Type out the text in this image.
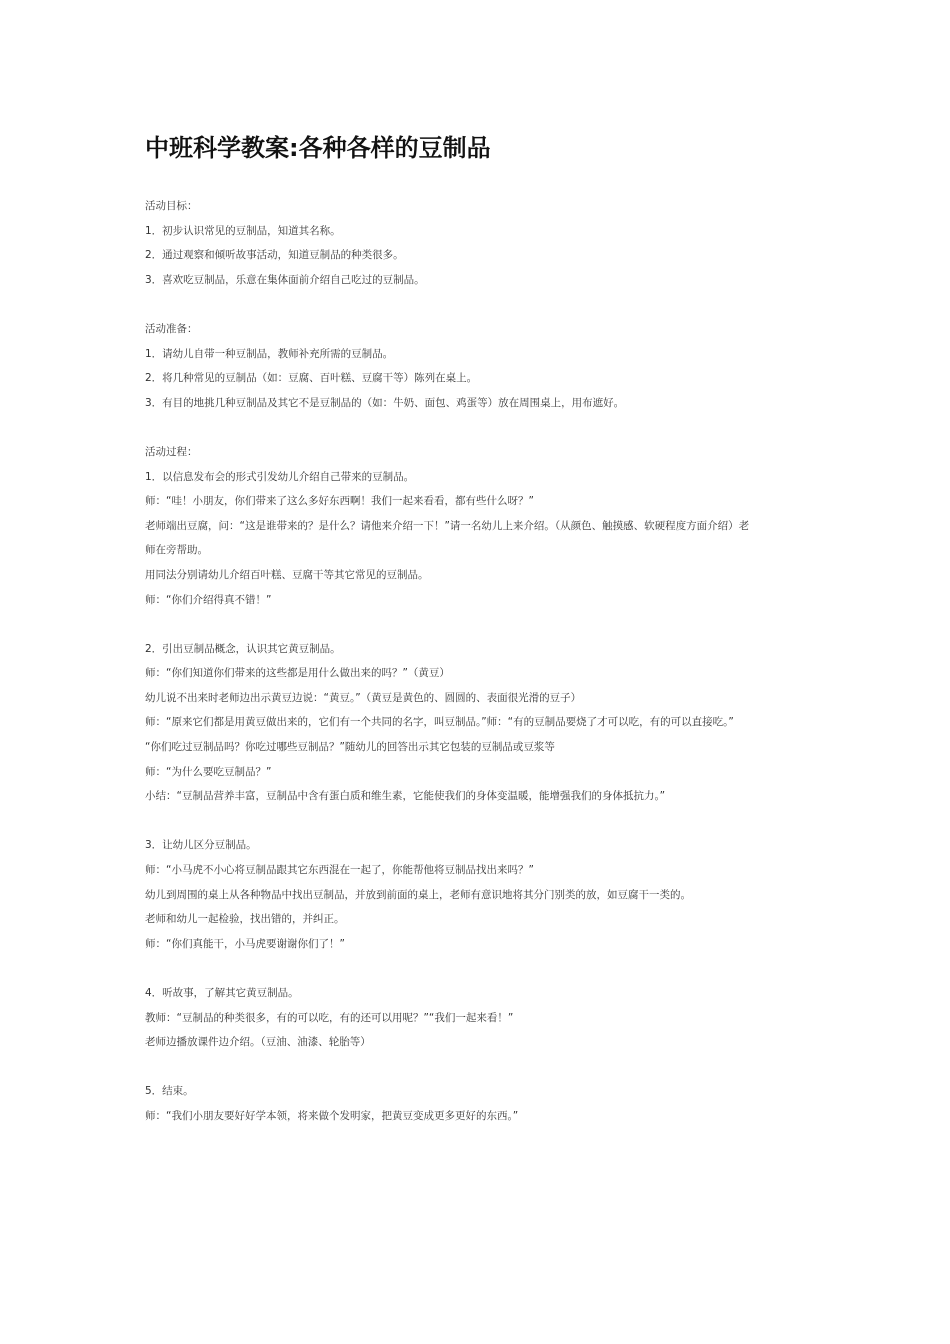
中班科学教案:各种各样的豆制品
活动目标：
1．初步认识常见的豆制品，知道其名称。
2．通过观察和倾听故事活动，知道豆制品的种类很多。
3．喜欢吃豆制品，乐意在集体面前介绍自己吃过的豆制品。
活动准备：
1．请幼儿自带一种豆制品，教师补充所需的豆制品。
2．将几种常见的豆制品（如：豆腐、百叶糕、豆腐干等）陈列在桌上。
3．有目的地挑几种豆制品及其它不是豆制品的（如：牛奶、面包、鸡蛋等）放在周围桌上，用布遮好。
活动过程：
1．以信息发布会的形式引发幼儿介绍自己带来的豆制品。
师：“哇！小朋友，你们带来了这么多好东西啊！我们一起来看看，都有些什么呀？”
老师端出豆腐，问：“这是谁带来的？是什么？请他来介绍一下！”请一名幼儿上来介绍。（从颜色、触摸感、软硬程度方面介绍）老
师在旁帮助。
用同法分别请幼儿介绍百叶糕、豆腐干等其它常见的豆制品。
师：“你们介绍得真不错！”
2．引出豆制品概念，认识其它黄豆制品。
师：“你们知道你们带来的这些都是用什么做出来的吗？”（黄豆）
幼儿说不出来时老师边出示黄豆边说：“黄豆。”（黄豆是黄色的、圆圆的、表面很光滑的豆子）
师：“原来它们都是用黄豆做出来的，它们有一个共同的名字，叫豆制品。”师：“有的豆制品要烧了才可以吃，有的可以直接吃。”
“你们吃过豆制品吗？你吃过哪些豆制品？”随幼儿的回答出示其它包装的豆制品或豆浆等
师：“为什么要吃豆制品？”
小结：“豆制品营养丰富，豆制品中含有蛋白质和维生素，它能使我们的身体变温暖，能增强我们的身体抵抗力。”
3．让幼儿区分豆制品。
师：“小马虎不小心将豆制品跟其它东西混在一起了，你能帮他将豆制品找出来吗？”
幼儿到周围的桌上从各种物品中找出豆制品，并放到前面的桌上，老师有意识地将其分门别类的放，如豆腐干一类的。
老师和幼儿一起检验，找出错的，并纠正。
师：“你们真能干，小马虎要谢谢你们了！”
4．听故事，了解其它黄豆制品。
教师：“豆制品的种类很多，有的可以吃，有的还可以用呢？”“我们一起来看！”
老师边播放课件边介绍。（豆油、油漆、轮胎等）
5．结束。
师：“我们小朋友要好好学本领，将来做个发明家，把黄豆变成更多更好的东西。”
